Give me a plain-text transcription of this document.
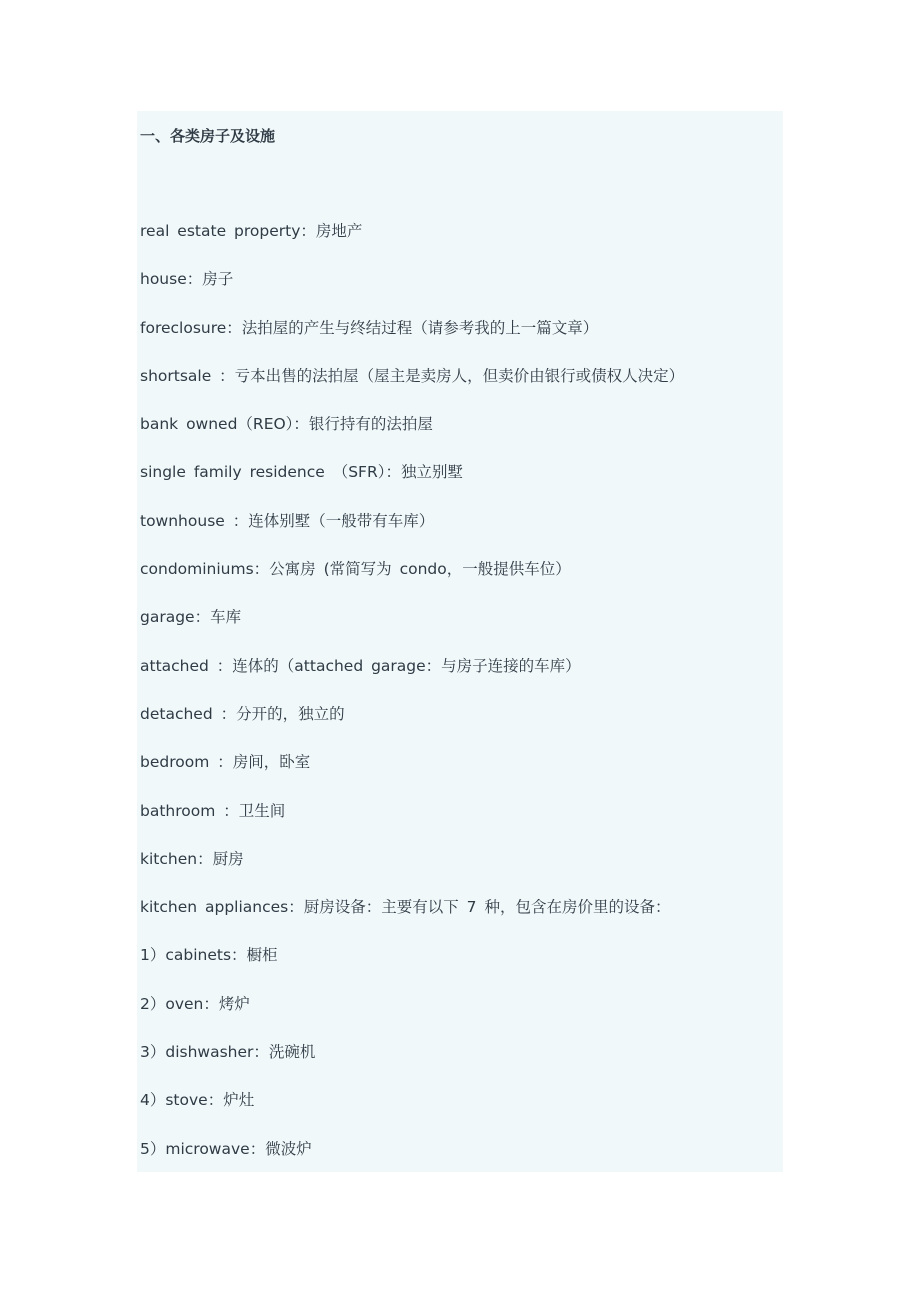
一、各类房子及设施
real estate property：房地产
house：房子
foreclosure：法拍屋的产生与终结过程（请参考我的上一篇文章）
shortsale ：亏本出售的法拍屋（屋主是卖房人，但卖价由银行或债权人决定）
bank owned（REO）：银行持有的法拍屋
single family residence （SFR）：独立别墅
townhouse ：连体别墅（一般带有车库）
condominiums：公寓房 (常简写为 condo，一般提供车位）
garage：车库
attached ：连体的（attached garage：与房子连接的车库）
detached ：分开的，独立的
bedroom ：房间，卧室
bathroom ：卫生间
kitchen：厨房
kitchen appliances：厨房设备：主要有以下 7 种，包含在房价里的设备：
1）cabinets：橱柜
2）oven：烤炉
3）dishwasher：洗碗机
4）stove：炉灶
5）microwave：微波炉
